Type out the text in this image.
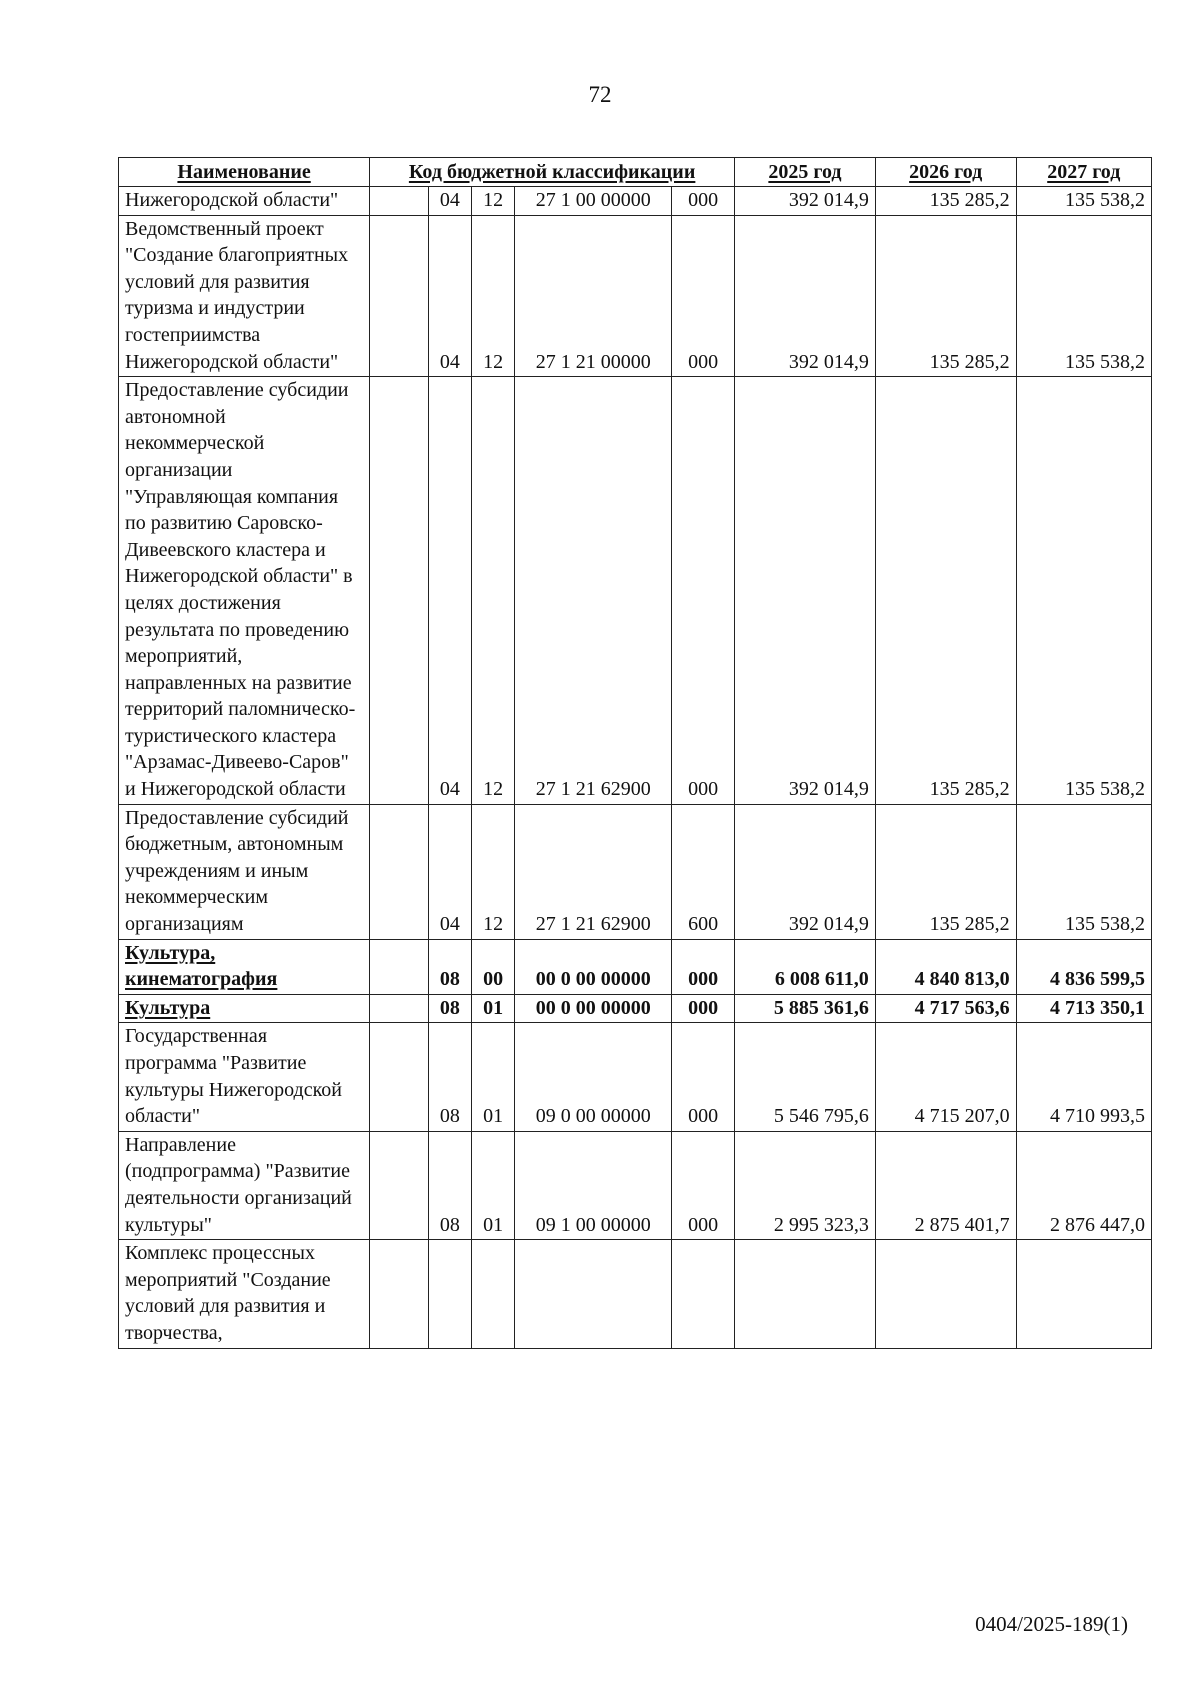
72
Наименование	Код бюджетной классификации					2025 год	2026 год	2027 год
Нижегородской области"		04	12	27 1 00 00000	000	392 014,9	135 285,2	135 538,2
Ведомственный проект "Создание благоприятных условий для развития туризма и индустрии гостеприимства Нижегородской области"		04	12	27 1 21 00000	000	392 014,9	135 285,2	135 538,2
Предоставление субсидии автономной некоммерческой организации "Управляющая компания по развитию Саровско-Дивеевского кластера и Нижегородской области" в целях достижения результата по проведению мероприятий, направленных на развитие территорий паломническо-туристического кластера "Арзамас-Дивеево-Саров" и Нижегородской области		04	12	27 1 21 62900	000	392 014,9	135 285,2	135 538,2
Предоставление субсидий бюджетным, автономным учреждениям и иным некоммерческим организациям		04	12	27 1 21 62900	600	392 014,9	135 285,2	135 538,2
Культура, кинематография		08	00	00 0 00 00000	000	6 008 611,0	4 840 813,0	4 836 599,5
Культура		08	01	00 0 00 00000	000	5 885 361,6	4 717 563,6	4 713 350,1
Государственная программа "Развитие культуры Нижегородской области"		08	01	09 0 00 00000	000	5 546 795,6	4 715 207,0	4 710 993,5
Направление (подпрограмма) "Развитие деятельности организаций культуры"		08	01	09 1 00 00000	000	2 995 323,3	2 875 401,7	2 876 447,0
Комплекс процессных мероприятий "Создание условий для развития и творчества,								
0404/2025-189(1)
